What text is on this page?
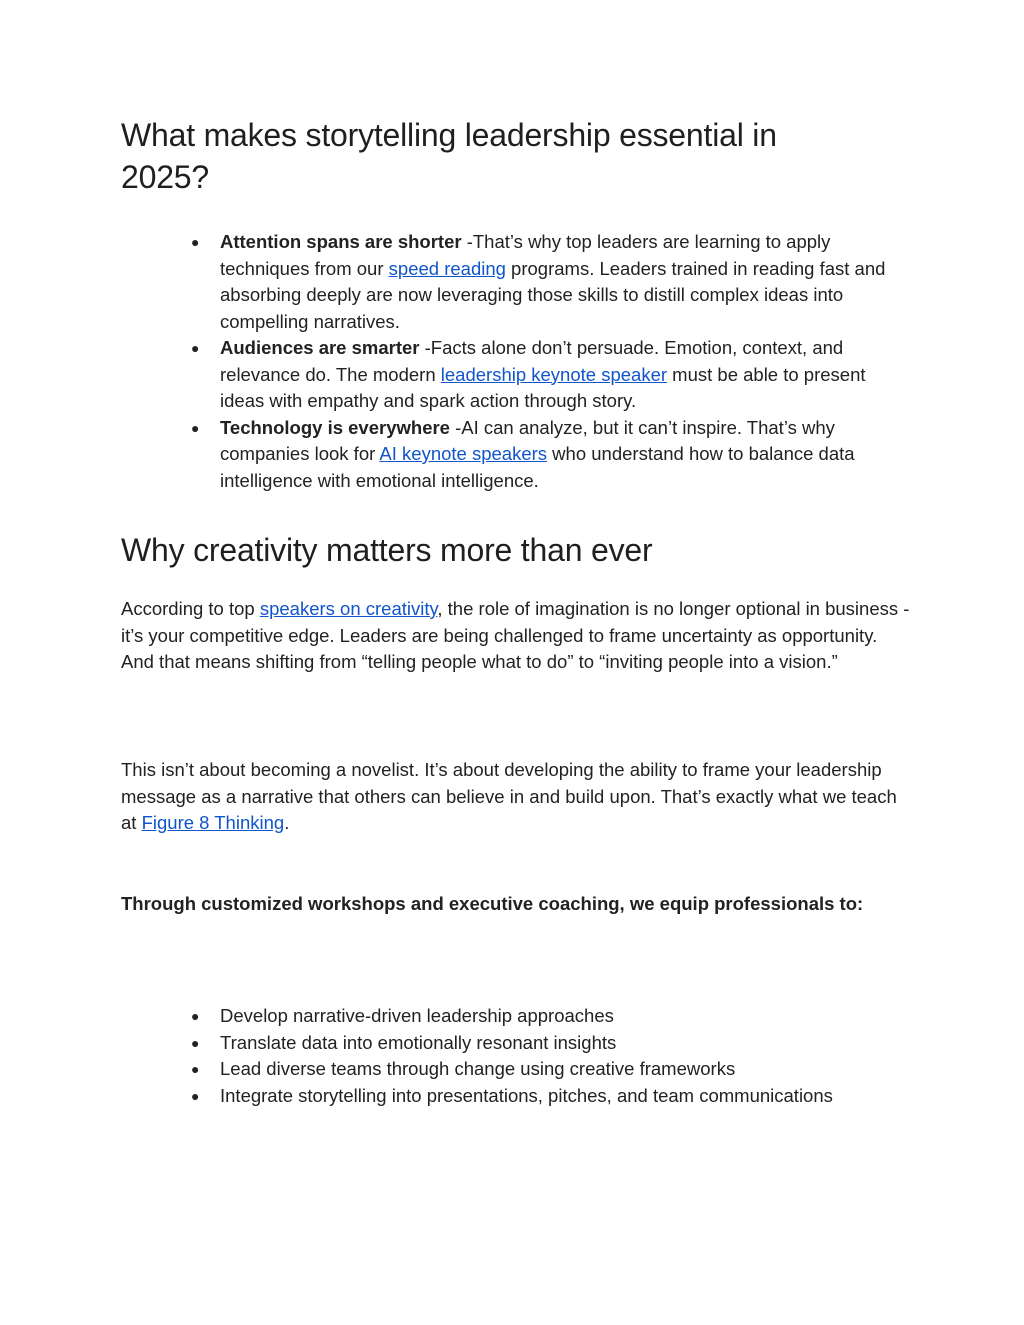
What makes storytelling leadership essential in
2025?
● Attention spans are shorter -That’s why top leaders are learning to apply techniques from our speed reading programs. Leaders trained in reading fast and absorbing deeply are now leveraging those skills to distill complex ideas into compelling narratives.
● Audiences are smarter -Facts alone don’t persuade. Emotion, context, and relevance do. The modern leadership keynote speaker must be able to present ideas with empathy and spark action through story.
● Technology is everywhere -AI can analyze, but it can’t inspire. That’s why companies look for AI keynote speakers who understand how to balance data intelligence with emotional intelligence.
Why creativity matters more than ever

According to top speakers on creativity, the role of imagination is no longer optional in business -it’s your competitive edge. Leaders are being challenged to frame uncertainty as opportunity. And that means shifting from “telling people what to do” to “inviting people into a vision.”

This isn’t about becoming a novelist. It’s about developing the ability to frame your leadership message as a narrative that others can believe in and build upon. That’s exactly what we teach at Figure 8 Thinking.

Through customized workshops and executive coaching, we equip professionals to:

● Develop narrative-driven leadership approaches
● Translate data into emotionally resonant insights
● Lead diverse teams through change using creative frameworks
● Integrate storytelling into presentations, pitches, and team communications
